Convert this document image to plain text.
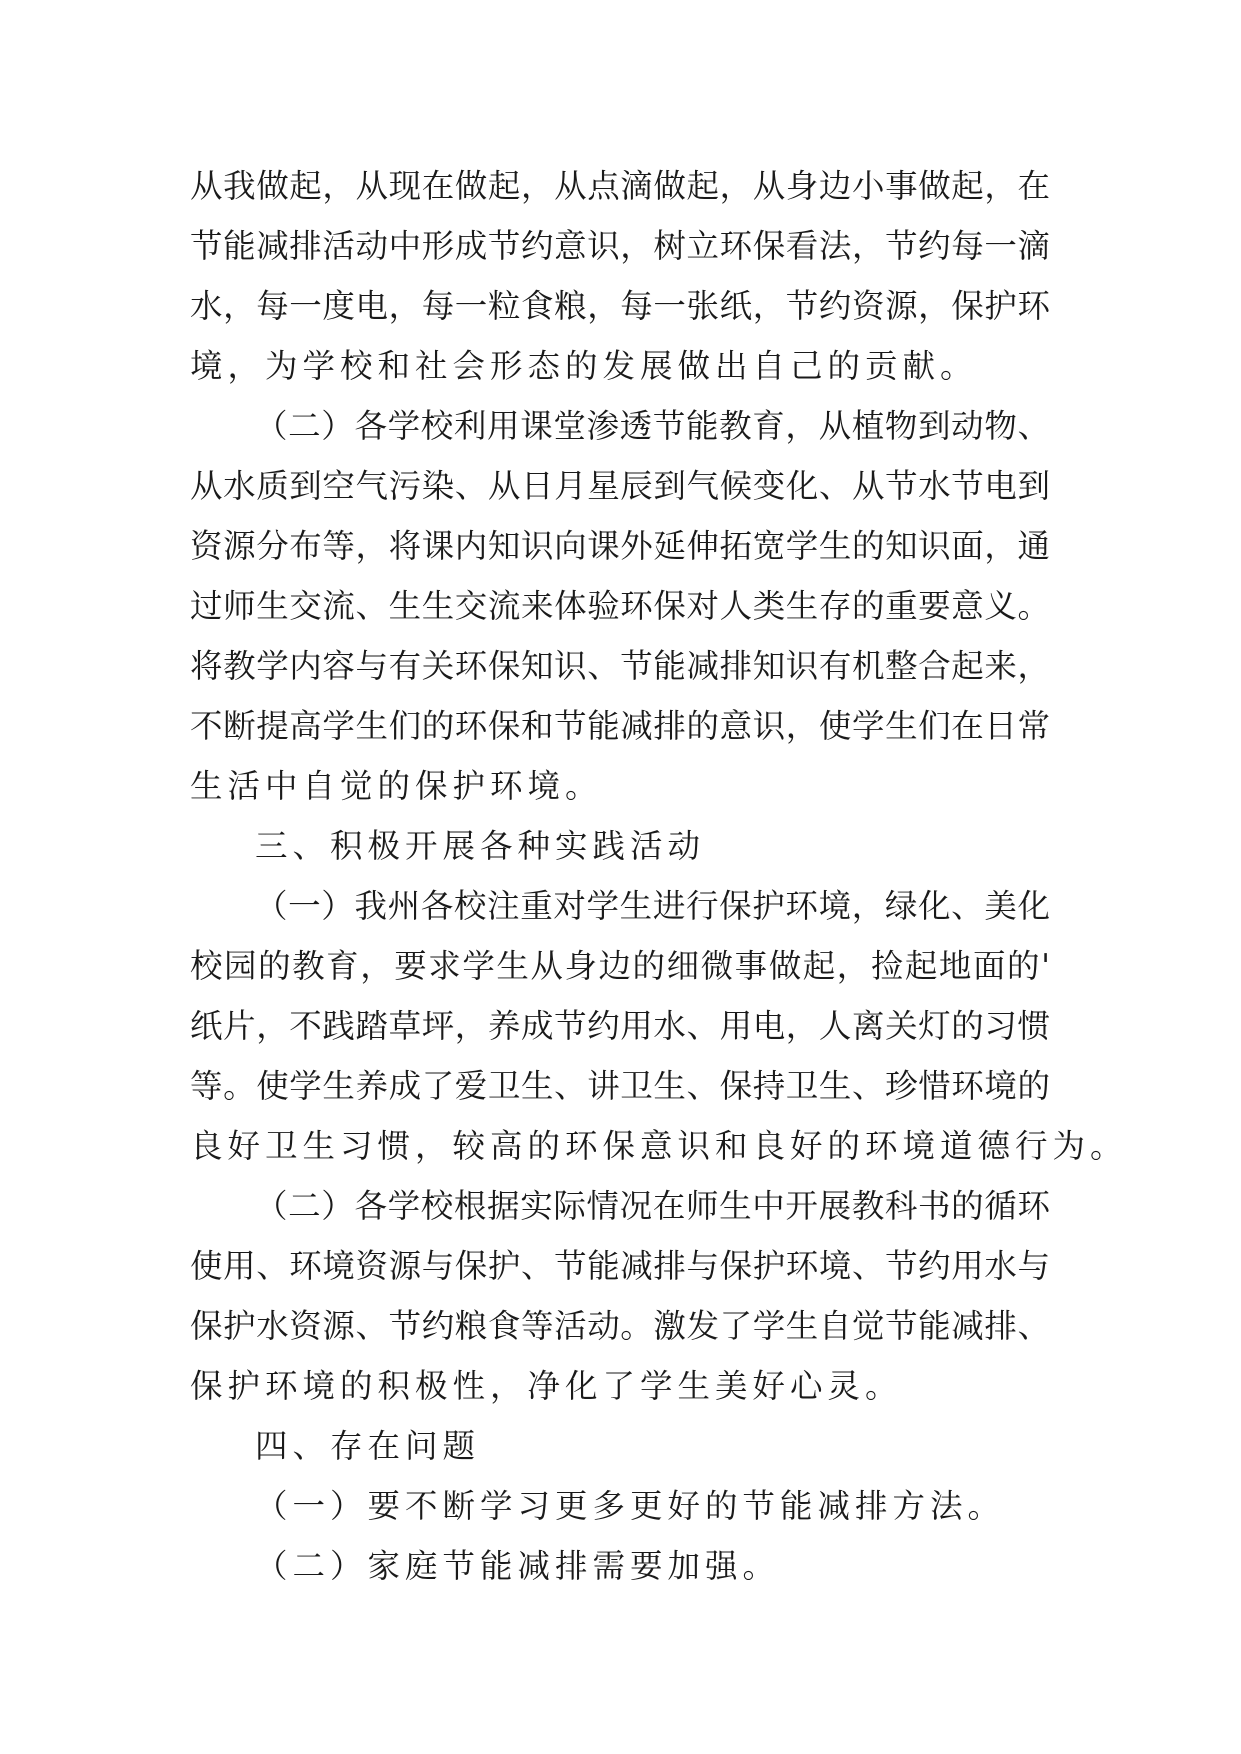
从我做起，从现在做起，从点滴做起，从身边小事做起，在
节能减排活动中形成节约意识，树立环保看法，节约每一滴
水，每一度电，每一粒食粮，每一张纸，节约资源，保护环
境，为学校和社会形态的发展做出自己的贡献。
（二）各学校利用课堂渗透节能教育，从植物到动物、
从水质到空气污染、从日月星辰到气候变化、从节水节电到
资源分布等，将课内知识向课外延伸拓宽学生的知识面，通
过师生交流、生生交流来体验环保对人类生存的重要意义。
将教学内容与有关环保知识、节能减排知识有机整合起来，
不断提高学生们的环保和节能减排的意识，使学生们在日常
生活中自觉的保护环境。
三、积极开展各种实践活动
（一）我州各校注重对学生进行保护环境，绿化、美化
校园的教育，要求学生从身边的细微事做起，捡起地面的'
纸片，不践踏草坪，养成节约用水、用电，人离关灯的习惯
等。使学生养成了爱卫生、讲卫生、保持卫生、珍惜环境的
良好卫生习惯，较高的环保意识和良好的环境道德行为。
（二）各学校根据实际情况在师生中开展教科书的循环
使用、环境资源与保护、节能减排与保护环境、节约用水与
保护水资源、节约粮食等活动。激发了学生自觉节能减排、
保护环境的积极性，净化了学生美好心灵。
四、存在问题
（一）要不断学习更多更好的节能减排方法。
（二）家庭节能减排需要加强。
